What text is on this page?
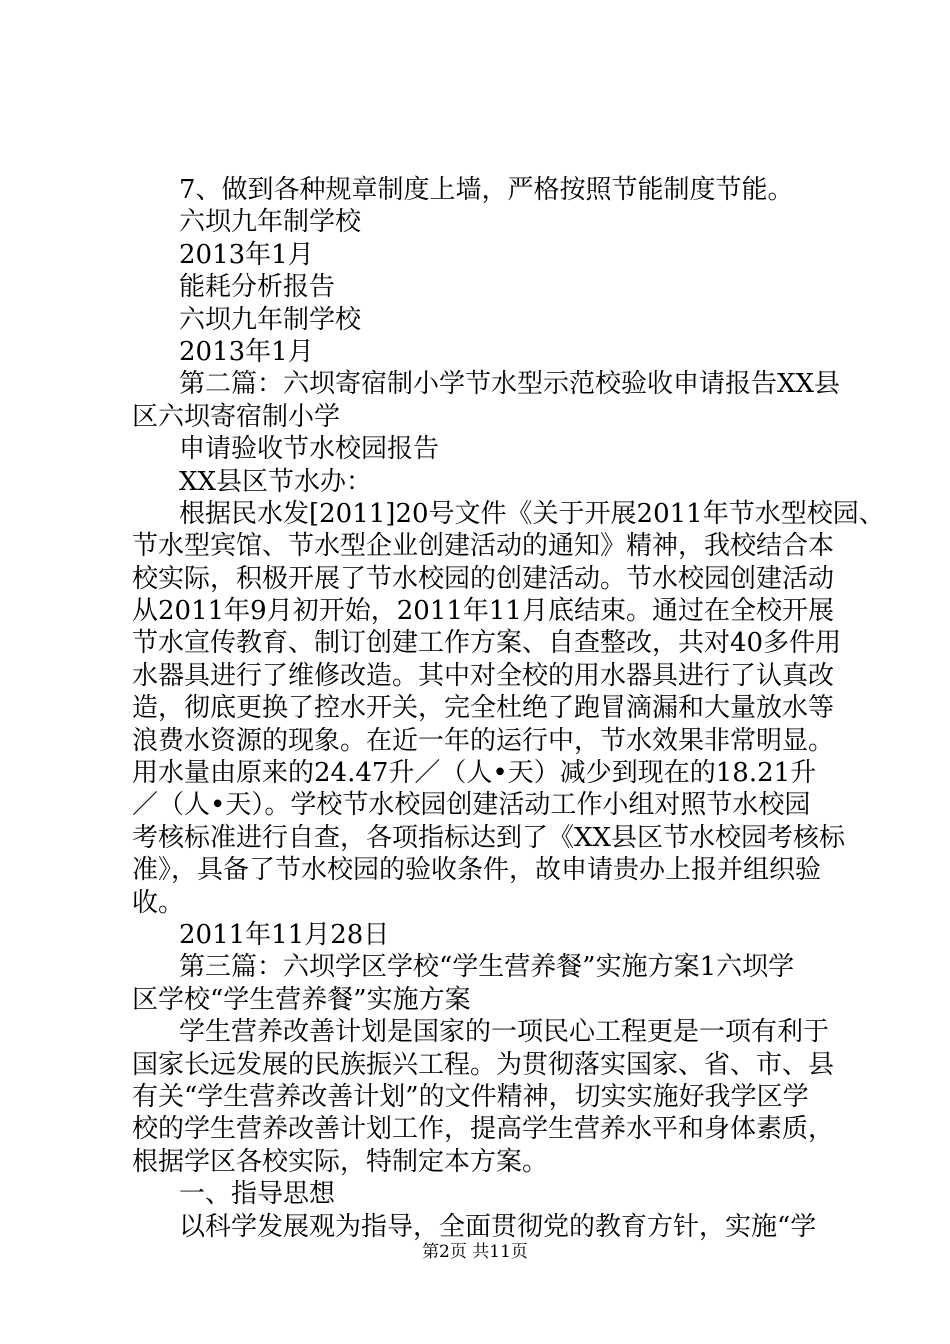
7、做到各种规章制度上墙，严格按照节能制度节能。
六坝九年制学校
2013年1月
能耗分析报告
六坝九年制学校
2013年1月
第二篇：六坝寄宿制小学节水型示范校验收申请报告XX县
区六坝寄宿制小学
申请验收节水校园报告
XX县区节水办：
根据民水发[2011]20号文件《关于开展2011年节水型校园、
节水型宾馆、节水型企业创建活动的通知》精神，我校结合本
校实际，积极开展了节水校园的创建活动。节水校园创建活动
从2011年9月初开始，2011年11月底结束。通过在全校开展
节水宣传教育、制订创建工作方案、自查整改，共对40多件用
水器具进行了维修改造。其中对全校的用水器具进行了认真改
造，彻底更换了控水开关，完全杜绝了跑冒滴漏和大量放水等
浪费水资源的现象。在近一年的运行中，节水效果非常明显。
用水量由原来的24.47升／（人•天）减少到现在的18.21升
／（人•天）。学校节水校园创建活动工作小组对照节水校园
考核标准进行自查，各项指标达到了《XX县区节水校园考核标
准》，具备了节水校园的验收条件，故申请贵办上报并组织验
收。
2011年11月28日
第三篇：六坝学区学校“学生营养餐”实施方案1六坝学
区学校“学生营养餐”实施方案
学生营养改善计划是国家的一项民心工程更是一项有利于
国家长远发展的民族振兴工程。为贯彻落实国家、省、市、县
有关“学生营养改善计划”的文件精神，切实实施好我学区学
校的学生营养改善计划工作，提高学生营养水平和身体素质，
根据学区各校实际，特制定本方案。
一、指导思想
以科学发展观为指导，全面贯彻党的教育方针，实施“学
第2页 共11页
